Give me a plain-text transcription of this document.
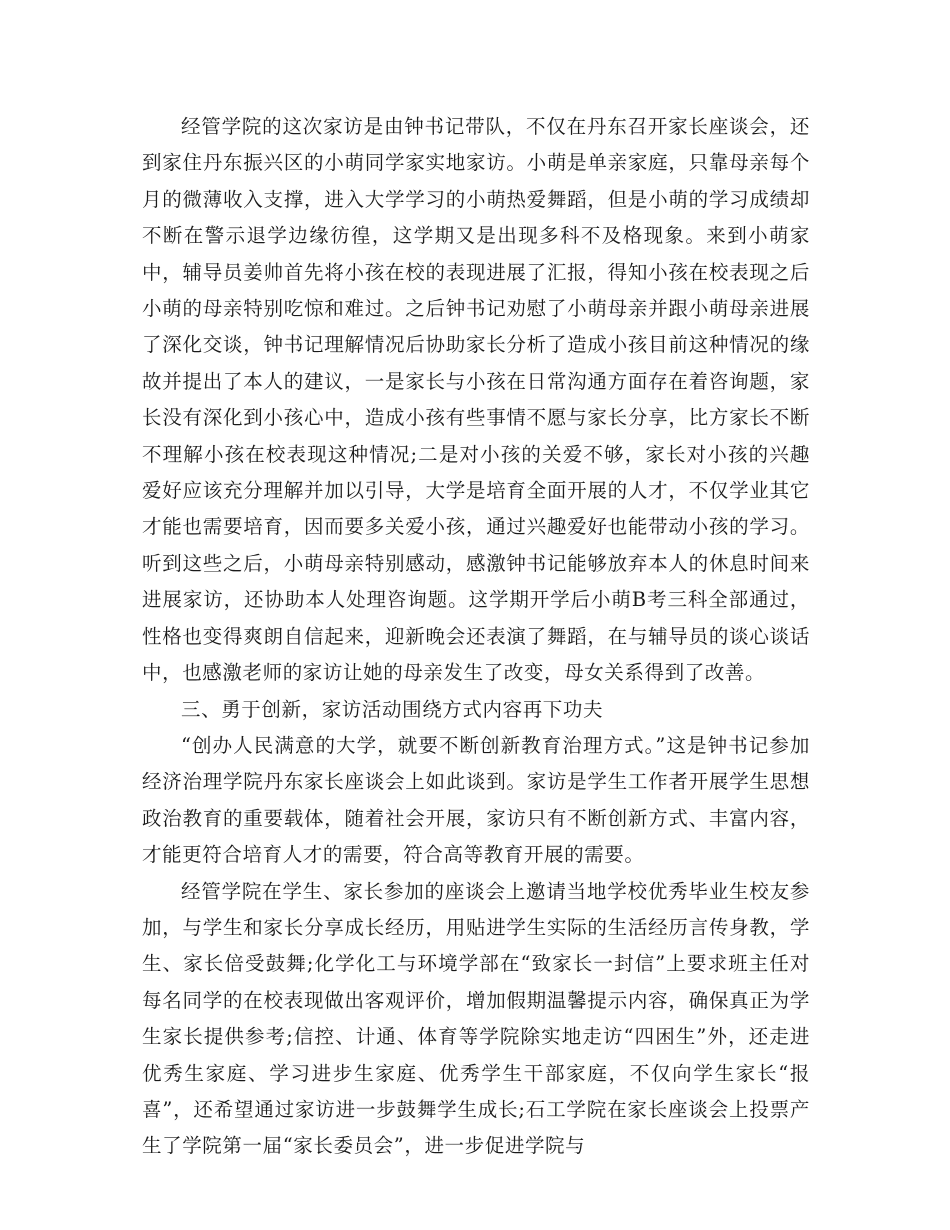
经管学院的这次家访是由钟书记带队，不仅在丹东召开家长座谈会，还到家住丹东振兴区的小萌同学家实地家访。小萌是单亲家庭，只靠母亲每个月的微薄收入支撑，进入大学学习的小萌热爱舞蹈，但是小萌的学习成绩却不断在警示退学边缘彷徨，这学期又是出现多科不及格现象。来到小萌家中，辅导员姜帅首先将小孩在校的表现进展了汇报，得知小孩在校表现之后小萌的母亲特别吃惊和难过。之后钟书记劝慰了小萌母亲并跟小萌母亲进展了深化交谈，钟书记理解情况后协助家长分析了造成小孩目前这种情况的缘故并提出了本人的建议，一是家长与小孩在日常沟通方面存在着咨询题，家长没有深化到小孩心中，造成小孩有些事情不愿与家长分享，比方家长不断不理解小孩在校表现这种情况;二是对小孩的关爱不够，家长对小孩的兴趣爱好应该充分理解并加以引导，大学是培育全面开展的人才，不仅学业其它才能也需要培育，因而要多关爱小孩，通过兴趣爱好也能带动小孩的学习。听到这些之后，小萌母亲特别感动，感激钟书记能够放弃本人的休息时间来进展家访，还协助本人处理咨询题。这学期开学后小萌B考三科全部通过，性格也变得爽朗自信起来，迎新晚会还表演了舞蹈，在与辅导员的谈心谈话中，也感激老师的家访让她的母亲发生了改变，母女关系得到了改善。

三、勇于创新，家访活动围绕方式内容再下功夫

“创办人民满意的大学，就要不断创新教育治理方式。”这是钟书记参加经济治理学院丹东家长座谈会上如此谈到。家访是学生工作者开展学生思想政治教育的重要载体，随着社会开展，家访只有不断创新方式、丰富内容，才能更符合培育人才的需要，符合高等教育开展的需要。

经管学院在学生、家长参加的座谈会上邀请当地学校优秀毕业生校友参加，与学生和家长分享成长经历，用贴进学生实际的生活经历言传身教，学生、家长倍受鼓舞;化学化工与环境学部在“致家长一封信”上要求班主任对每名同学的在校表现做出客观评价，增加假期温馨提示内容，确保真正为学生家长提供参考;信控、计通、体育等学院除实地走访“四困生”外，还走进优秀生家庭、学习进步生家庭、优秀学生干部家庭，不仅向学生家长“报喜”，还希望通过家访进一步鼓舞学生成长;石工学院在家长座谈会上投票产生了学院第一届“家长委员会”，进一步促进学院与
